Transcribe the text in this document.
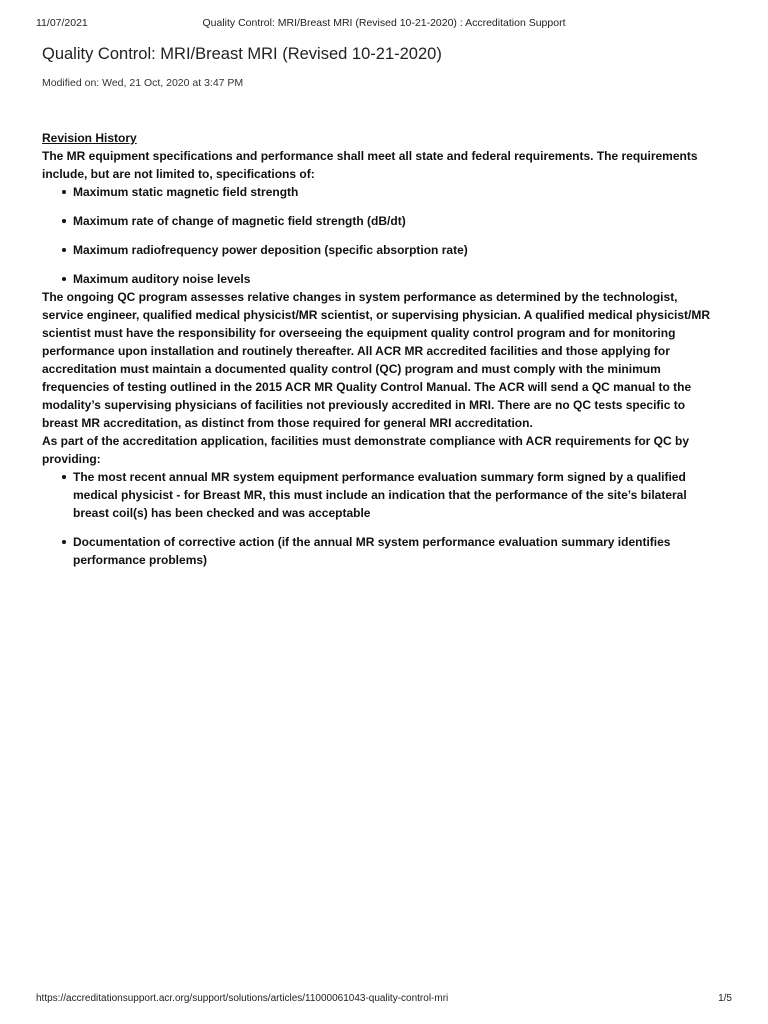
11/07/2021	Quality Control: MRI/Breast MRI (Revised 10-21-2020) : Accreditation Support
Quality Control: MRI/Breast MRI (Revised 10-21-2020)
Modified on: Wed, 21 Oct, 2020 at 3:47 PM
Revision History

The MR equipment specifications and performance shall meet all state and federal requirements. The requirements include, but are not limited to, specifications of:

Maximum static magnetic field strength
Maximum rate of change of magnetic field strength (dB/dt)
Maximum radiofrequency power deposition (specific absorption rate)
Maximum auditory noise levels

The ongoing QC program assesses relative changes in system performance as determined by the technologist, service engineer, qualified medical physicist/MR scientist, or supervising physician. A qualified medical physicist/MR scientist must have the responsibility for overseeing the equipment quality control program and for monitoring performance upon installation and routinely thereafter. All ACR MR accredited facilities and those applying for accreditation must maintain a documented quality control (QC) program and must comply with the minimum frequencies of testing outlined in the 2015 ACR MR Quality Control Manual. The ACR will send a QC manual to the modality’s supervising physicians of facilities not previously accredited in MRI. There are no QC tests specific to breast MR accreditation, as distinct from those required for general MRI accreditation.

As part of the accreditation application, facilities must demonstrate compliance with ACR requirements for QC by providing:

The most recent annual MR system equipment performance evaluation summary form signed by a qualified medical physicist - for Breast MR, this must include an indication that the performance of the site’s bilateral breast coil(s) has been checked and was acceptable
Documentation of corrective action (if the annual MR system performance evaluation summary identifies performance problems)
https://accreditationsupport.acr.org/support/solutions/articles/11000061043-quality-control-mri	1/5
